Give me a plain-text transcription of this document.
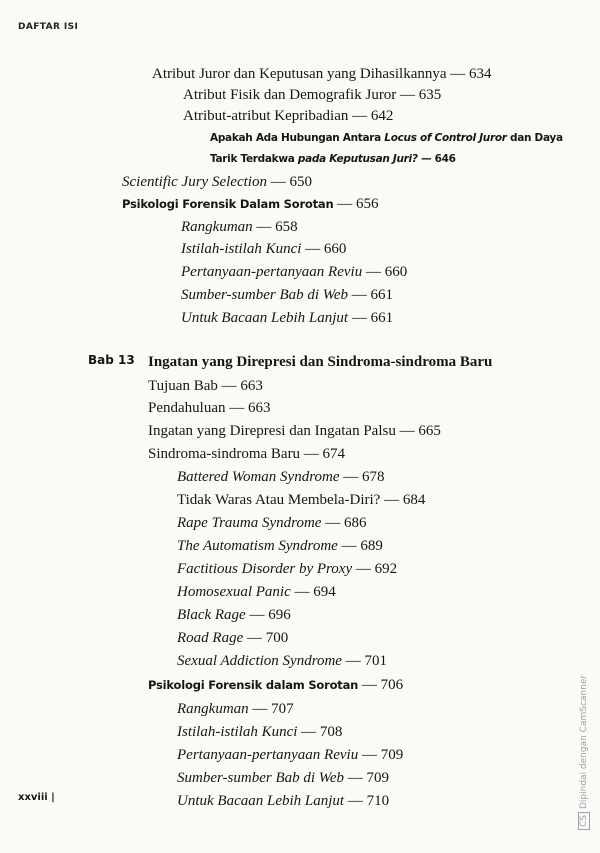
DAFTAR ISI
Atribut Juror dan Keputusan yang Dihasilkannya — 634
Atribut Fisik dan Demografik Juror — 635
Atribut-atribut Kepribadian — 642
Apakah Ada Hubungan Antara Locus of Control Juror dan Daya
Tarik Terdakwa pada Keputusan Juri? — 646
Scientific Jury Selection — 650
Psikologi Forensik Dalam Sorotan — 656
Rangkuman — 658
Istilah-istilah Kunci — 660
Pertanyaan-pertanyaan Reviu — 660
Sumber-sumber Bab di Web — 661
Untuk Bacaan Lebih Lanjut — 661
Bab 13 Ingatan yang Direpresi dan Sindroma-sindroma Baru
Tujuan Bab — 663
Pendahuluan — 663
Ingatan yang Direpresi dan Ingatan Palsu — 665
Sindroma-sindroma Baru — 674
Battered Woman Syndrome — 678
Tidak Waras Atau Membela-Diri? — 684
Rape Trauma Syndrome — 686
The Automatism Syndrome — 689
Factitious Disorder by Proxy — 692
Homosexual Panic — 694
Black Rage — 696
Road Rage — 700
Sexual Addiction Syndrome — 701
Psikologi Forensik dalam Sorotan — 706
Rangkuman — 707
Istilah-istilah Kunci — 708
Pertanyaan-pertanyaan Reviu — 709
Sumber-sumber Bab di Web — 709
Untuk Bacaan Lebih Lanjut — 710
xxviii |
CSDipindai dengan CamScanner
